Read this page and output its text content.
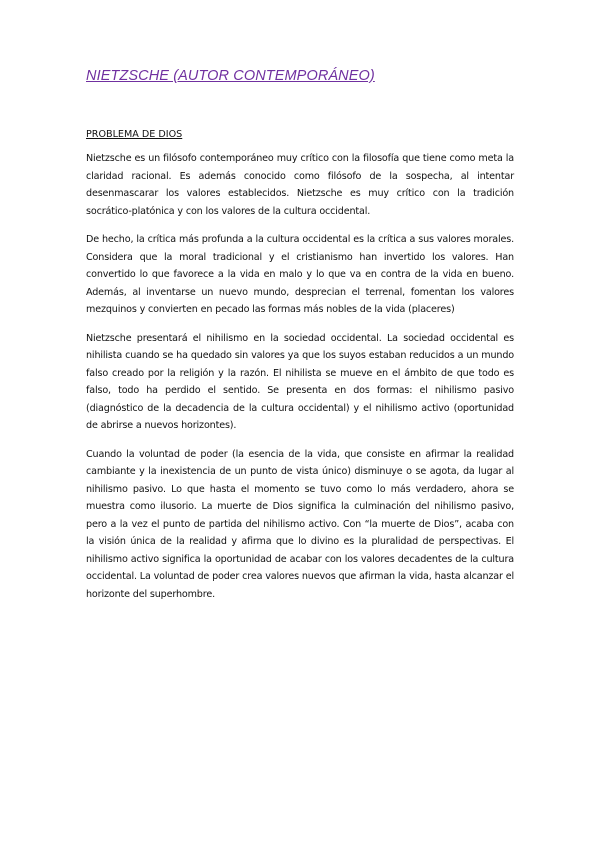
NIETZSCHE (AUTOR CONTEMPORÁNEO)
PROBLEMA DE DIOS

Nietzsche es un filósofo contemporáneo muy crítico con la filosofía que tiene como meta la claridad racional. Es además conocido como filósofo de la sospecha, al intentar desenmascarar los valores establecidos. Nietzsche es muy crítico con la tradición socrático-platónica y con los valores de la cultura occidental.

De hecho, la crítica más profunda a la cultura occidental es la crítica a sus valores morales. Considera que la moral tradicional y el cristianismo han invertido los valores. Han convertido lo que favorece a la vida en malo y lo que va en contra de la vida en bueno. Además, al inventarse un nuevo mundo, desprecian el terrenal, fomentan los valores mezquinos y convierten en pecado las formas más nobles de la vida (placeres)

Nietzsche presentará el nihilismo en la sociedad occidental. La sociedad occidental es nihilista cuando se ha quedado sin valores ya que los suyos estaban reducidos a un mundo falso creado por la religión y la razón. El nihilista se mueve en el ámbito de que todo es falso, todo ha perdido el sentido. Se presenta en dos formas: el nihilismo pasivo (diagnóstico de la decadencia de la cultura occidental) y el nihilismo activo (oportunidad de abrirse a nuevos horizontes).

Cuando la voluntad de poder (la esencia de la vida, que consiste en afirmar la realidad cambiante y la inexistencia de un punto de vista único) disminuye o se agota, da lugar al nihilismo pasivo. Lo que hasta el momento se tuvo como lo más verdadero, ahora se muestra como ilusorio. La muerte de Dios significa la culminación del nihilismo pasivo, pero a la vez el punto de partida del nihilismo activo. Con “la muerte de Dios”, acaba con la visión única de la realidad y afirma que lo divino es la pluralidad de perspectivas. El nihilismo activo significa la oportunidad de acabar con los valores decadentes de la cultura occidental. La voluntad de poder crea valores nuevos que afirman la vida, hasta alcanzar el horizonte del superhombre.
